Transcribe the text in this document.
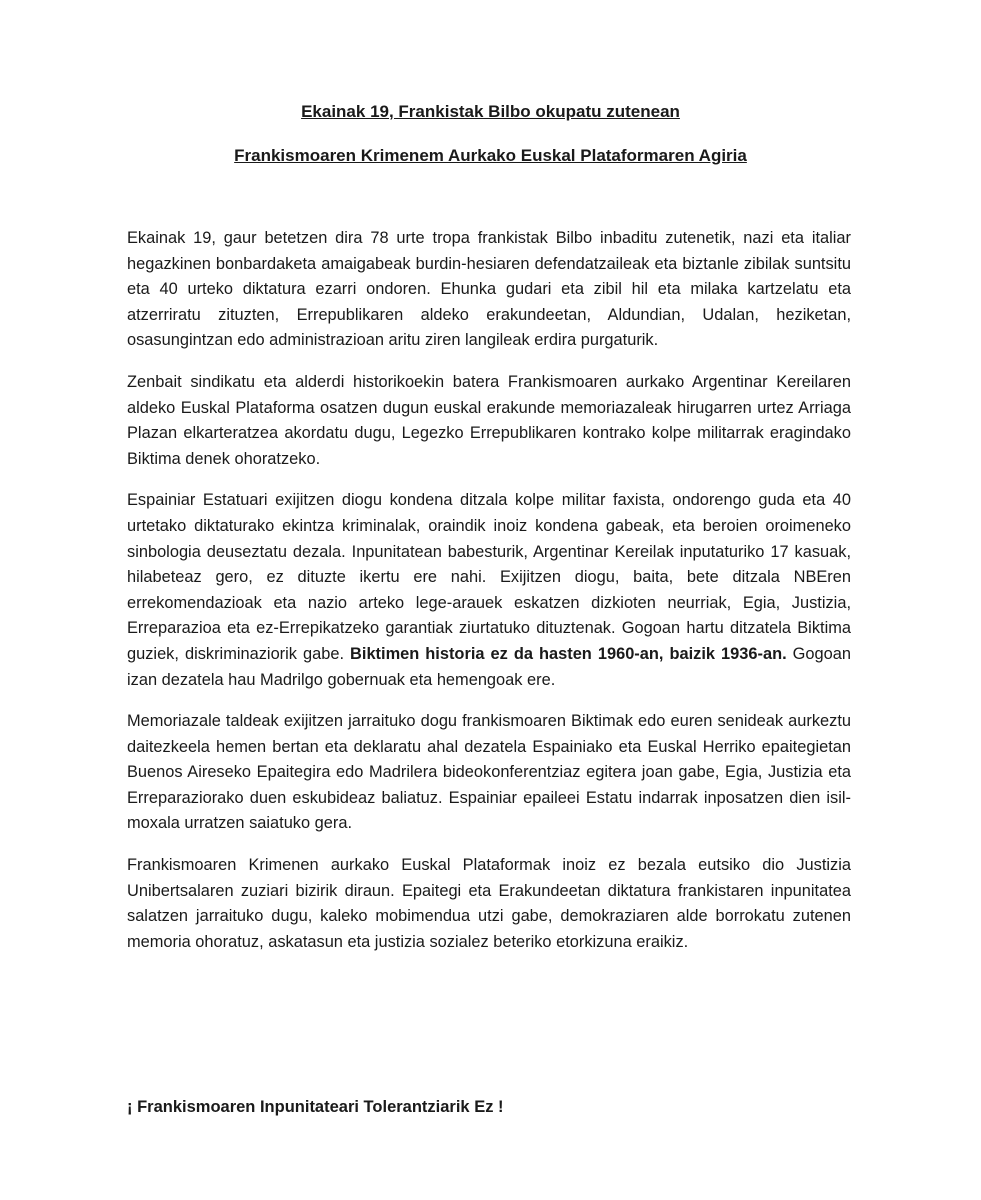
Ekainak 19, Frankistak Bilbo okupatu zutenean
Frankismoaren Krimenem Aurkako Euskal Plataformaren Agiria

Ekainak 19, gaur betetzen dira 78 urte tropa frankistak Bilbo inbaditu zutenetik, nazi eta italiar hegazkinen bonbardaketa amaigabeak burdin-hesiaren defendatzaileak eta biztanle zibilak suntsitu eta 40 urteko diktatura ezarri ondoren. Ehunka gudari eta zibil hil eta milaka kartzelatu eta atzerriratu zituzten, Errepublikaren aldeko erakundeetan, Aldundian, Udalan, heziketan, osasungintzan edo administrazioan aritu ziren langileak erdira purgaturik.

Zenbait sindikatu eta alderdi historikoekin batera Frankismoaren aurkako Argentinar Kereilaren aldeko Euskal Plataforma osatzen dugun euskal erakunde memoriazaleak hirugarren urtez Arriaga Plazan elkarteratzea akordatu dugu, Legezko Errepublikaren kontrako kolpe militarrak eragindako Biktima denek ohoratzeko.

Espainiar Estatuari exijitzen diogu kondena ditzala kolpe militar faxista, ondorengo guda eta 40 urtetako diktaturako ekintza kriminalak, oraindik inoiz kondena gabeak, eta beroien oroimeneko sinbologia deuseztatu dezala. Inpunitatean babesturik, Argentinar Kereilak inputaturiko 17 kasuak, hilabeteaz gero, ez dituzte ikertu ere nahi. Exijitzen diogu, baita, bete ditzala NBEren errekomendazioak eta nazio arteko lege-arauek eskatzen dizkioten neurriak, Egia, Justizia, Erreparazioa eta ez-Errepikatzeko garantiak ziurtatuko dituztenak. Gogoan hartu ditzatela Biktima guziek, diskriminaziorik gabe. Biktimen historia ez da hasten 1960-an, baizik 1936-an. Gogoan izan dezatela hau Madrilgo gobernuak eta hemengoak ere.

Memoriazale taldeak exijitzen jarraituko dogu frankismoaren Biktimak edo euren senideak aurkeztu daitezkeela hemen bertan eta deklaratu ahal dezatela Espainiako eta Euskal Herriko epaitegietan Buenos Aireseko Epaitegira edo Madrilera bideokonferentziaz egitera joan gabe, Egia, Justizia eta Erreparaziorako duen eskubideaz baliatuz. Espainiar epaileei Estatu indarrak inposatzen dien isil-moxala urratzen saiatuko gera.

Frankismoaren Krimenen aurkako Euskal Plataformak inoiz ez bezala eutsiko dio Justizia Unibertsalaren zuziari bizirik diraun. Epaitegi eta Erakundeetan diktatura frankistaren inpunitatea salatzen jarraituko dugu, kaleko mobimendua utzi gabe, demokraziaren alde borrokatu zutenen memoria ohoratuz, askatasun eta justizia sozialez beteriko etorkizuna eraikiz.

¡ Frankismoaren Inpunitateari Tolerantziarik Ez !
